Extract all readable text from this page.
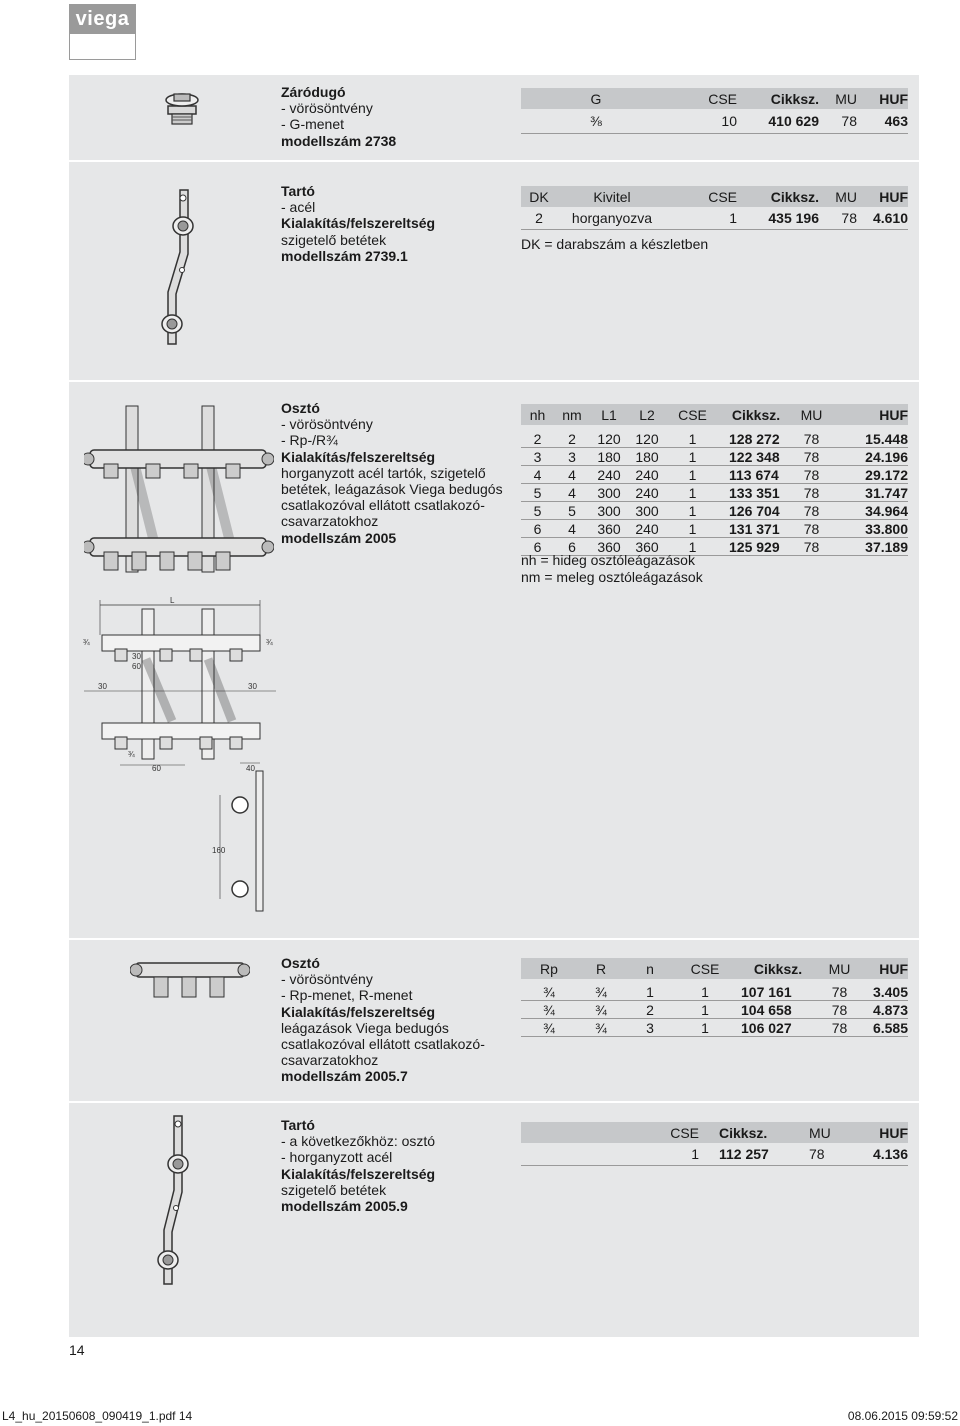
viega
Záródugó
- vörösöntvény
- G-menet
modellszám 2738
G	CSE	Cikksz.	MU	HUF
⅜	10	410 629	78	463
Tartó
- acél
Kialakítás/felszereltség
szigetelő betétek
modellszám 2739.1
DK	Kivitel	CSE	Cikksz.	MU	HUF
2	horganyozva	1	435 196	78	4.610
DK = darabszám a készletben
Osztó
- vörösöntvény
- Rp-/R¾
Kialakítás/felszereltség
horganyzott acél tartók, szigetelő
betétek, leágazások Viega bedugós
csatlakozóval ellátott csatlakozó-
csavarzatokhoz
modellszám 2005
nh	nm	L1	L2	CSE	Cikksz.	MU	HUF

2	2	120	120	1	128 272	78	15.448
3	3	180	180	1	122 348	78	24.196
4	4	240	240	1	113 674	78	29.172
5	4	300	240	1	133 351	78	31.747
5	5	300	300	1	126 704	78	34.964
6	4	360	240	1	131 371	78	33.800
6	6	360	360	1	125 929	78	37.189
nh = hideg osztóleágazások
nm = meleg osztóleágazások
L
¾	¾
30
60
30	30
¾
60	40
160
Osztó
- vörösöntvény
- Rp-menet, R-menet
Kialakítás/felszereltség
leágazások Viega bedugós
csatlakozóval ellátott csatlakozó-
csavarzatokhoz
modellszám 2005.7
Rp	R	n	CSE	Cikksz.	MU	HUF

¾	¾	1	1	107 161	78	3.405
¾	¾	2	1	104 658	78	4.873
¾	¾	3	1	106 027	78	6.585
Tartó
- a következőkhöz: osztó
- horganyzott acél
Kialakítás/felszereltség
szigetelő betétek
modellszám 2005.9
CSE	Cikksz.	MU	HUF
1	112 257	78	4.136
14
L4_hu_20150608_090419_1.pdf 14	08.06.2015 09:59:52
